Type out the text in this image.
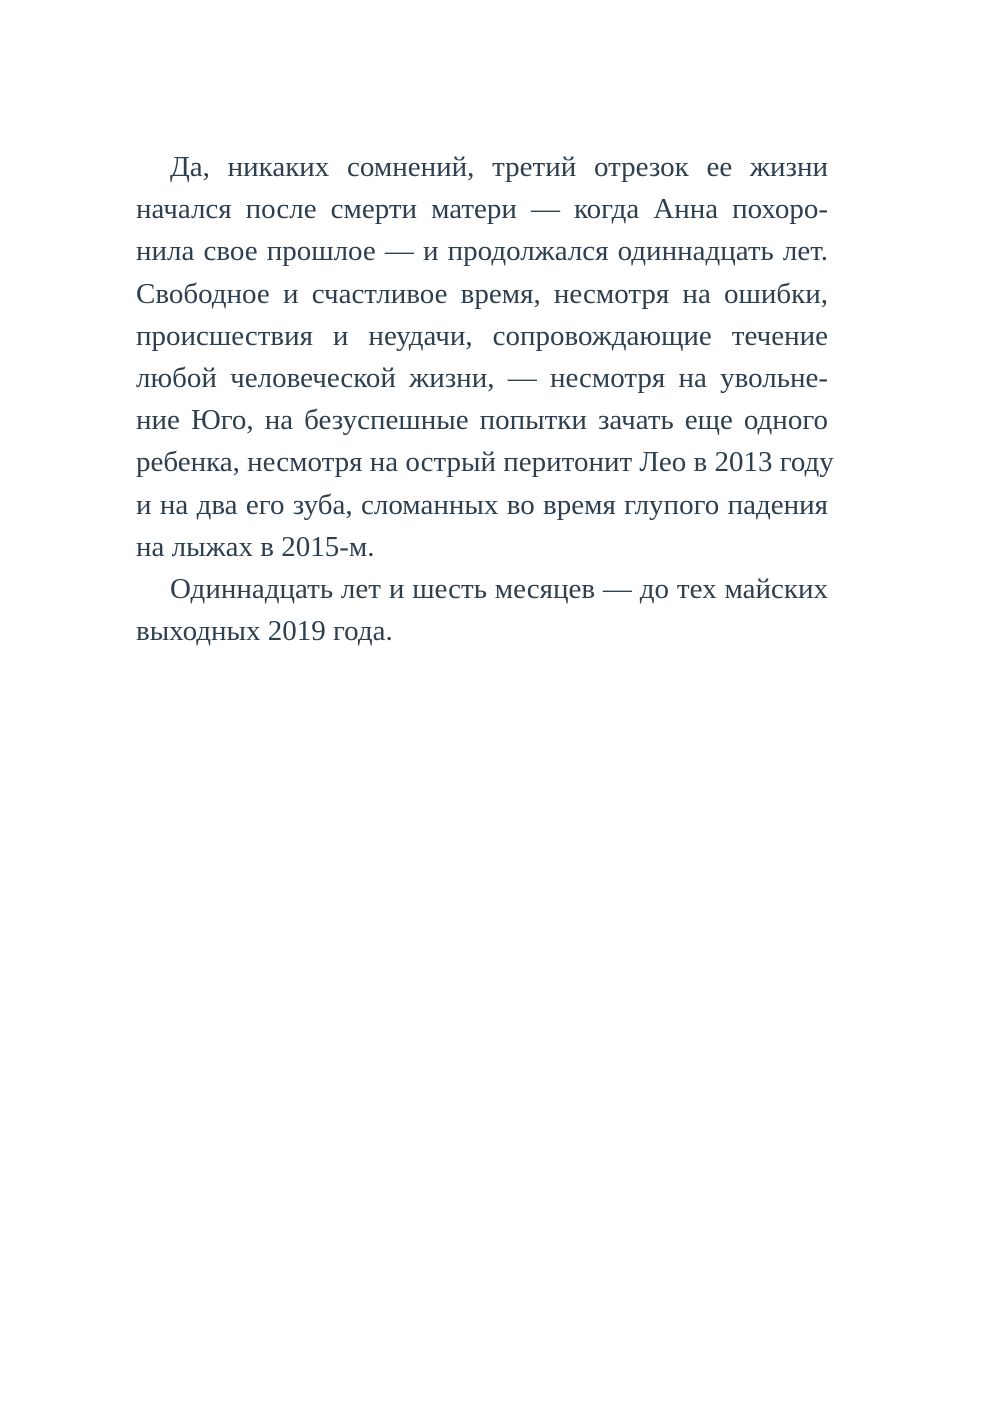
Да, никаких сомнений, третий отрезок ее жизни
начался после смерти матери — когда Анна похоро-
нила свое прошлое — и продолжался одиннадцать лет.
Свободное и счастливое время, несмотря на ошибки,
происшествия и неудачи, сопровождающие течение
любой человеческой жизни, — несмотря на увольне-
ние Юго, на безуспешные попытки зачать еще одного
ребенка, несмотря на острый перитонит Лео в 2013 году
и на два его зуба, сломанных во время глупого падения
на лыжах в 2015-м.
Одиннадцать лет и шесть месяцев — до тех майских
выходных 2019 года.
